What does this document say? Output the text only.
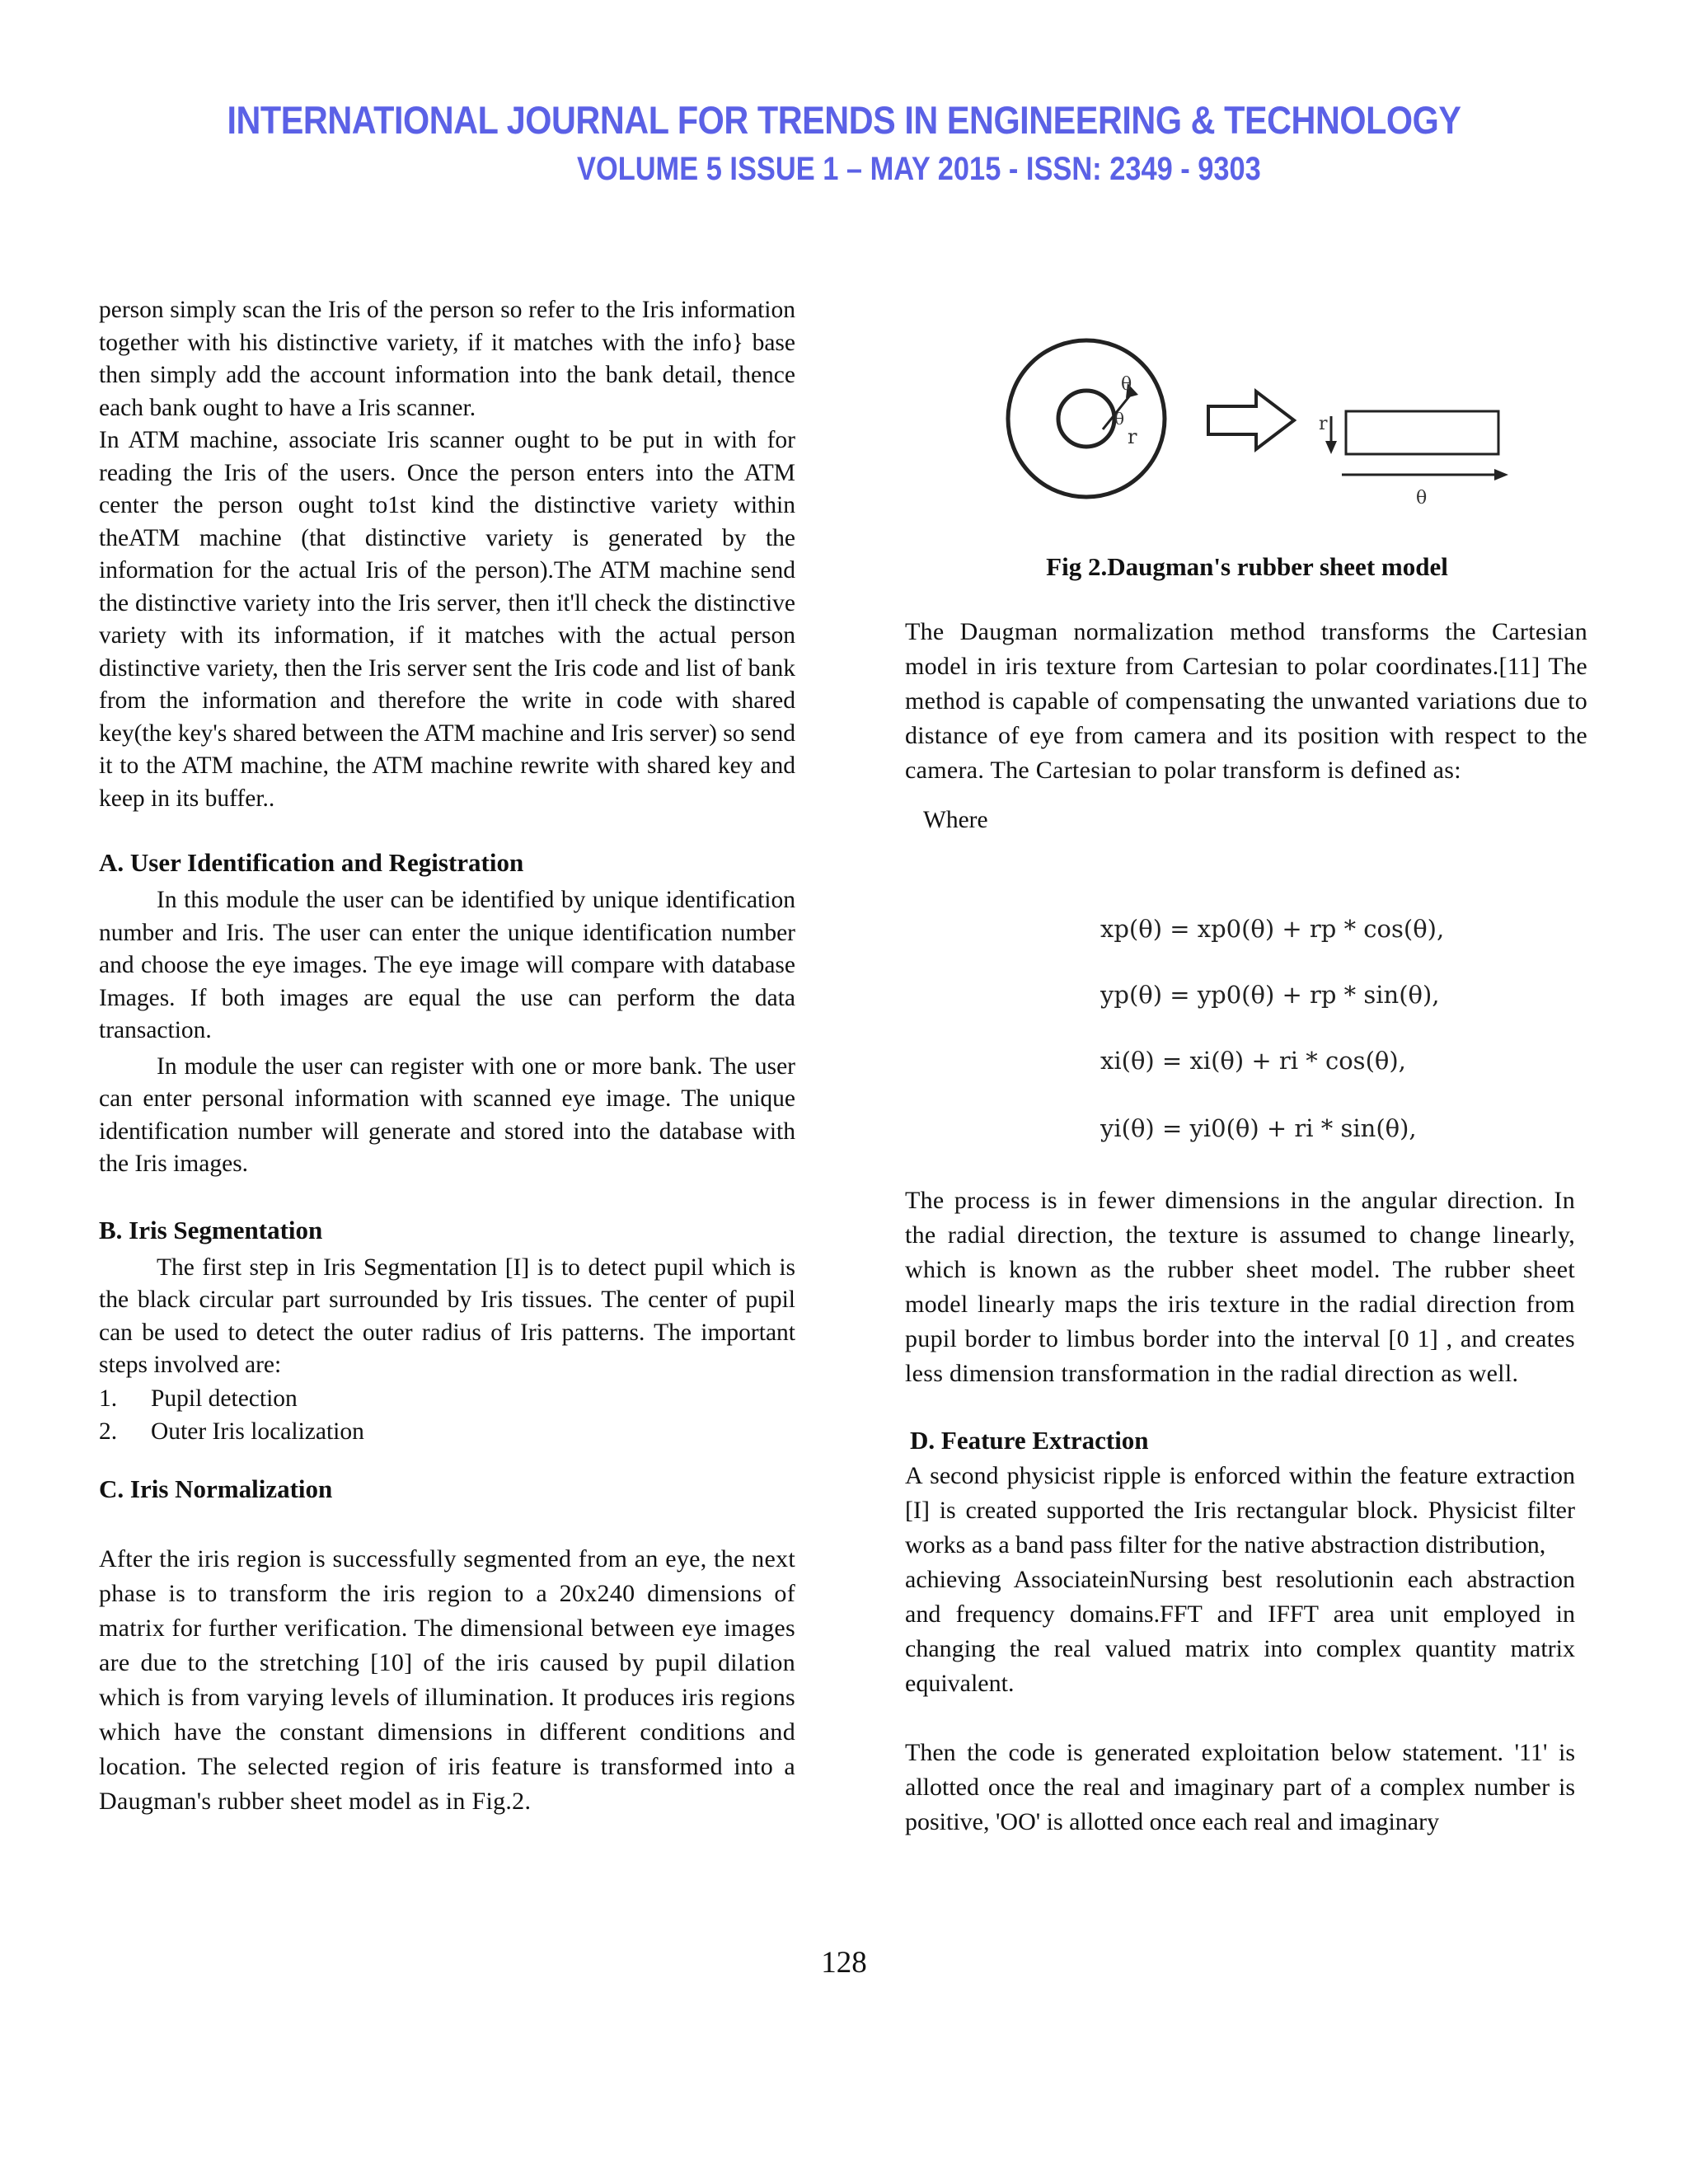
INTERNATIONAL JOURNAL FOR TRENDS IN ENGINEERING & TECHNOLOGY
VOLUME 5 ISSUE 1 – MAY 2015 - ISSN: 2349 - 9303

person simply scan the Iris of the person so refer to the Iris information together with his distinctive variety, if it matches with the info} base then simply add the account information into the bank detail, thence each bank ought to have a Iris scanner.

In ATM machine, associate Iris scanner ought to be put in with for reading the Iris of the users. Once the person enters into the ATM center the person ought to1st kind the distinctive variety within theATM machine (that distinctive variety is generated by the information for the actual Iris of the person).The ATM machine send the distinctive variety into the Iris server, then it'll check the distinctive variety with its information, if it matches with the actual person distinctive variety, then the Iris server sent the Iris code and list of bank from the information and therefore the write in code with shared key(the key's shared between the ATM machine and Iris server) so send it to the ATM machine, the ATM machine rewrite with shared key and keep in its buffer..

A. User Identification and Registration

In this module the user can be identified by unique identification number and Iris. The user can enter the unique identification number and choose the eye images. The eye image will compare with database Images. If both images are equal the use can perform the data transaction.

In module the user can register with one or more bank. The user can enter personal information with scanned eye image. The unique identification number will generate and stored into the database with the Iris images.

B. Iris Segmentation

The first step in Iris Segmentation [I] is to detect pupil which is the black circular part surrounded by Iris tissues. The center of pupil can be used to detect the outer radius of Iris patterns. The important steps involved are:

1. Pupil detection
2. Outer Iris localization

C. Iris Normalization

After the iris region is successfully segmented from an eye, the next phase is to transform the iris region to a 20x240 dimensions of matrix for further verification. The dimensional between eye images are due to the stretching [10] of the iris caused by pupil dilation which is from varying levels of illumination. It produces iris regions which have the constant dimensions in different conditions and location. The selected region of iris feature is transformed into a Daugman's rubber sheet model as in Fig.2.

r
θ
θ	r
θ

Fig 2.Daugman's rubber sheet model

The Daugman normalization method transforms the Cartesian model in iris texture from Cartesian to polar coordinates.[11] The method is capable of compensating the unwanted variations due to distance of eye from camera and its position with respect to the camera. The Cartesian to polar transform is defined as:

Where

xp(θ) = xp0(θ) + rp * cos(θ),
yp(θ) = yp0(θ) + rp * sin(θ),
xi(θ) = xi(θ) + ri * cos(θ),
yi(θ) = yi0(θ) + ri * sin(θ),

The process is in fewer dimensions in the angular direction. In the radial direction, the texture is assumed to change linearly, which is known as the rubber sheet model. The rubber sheet model linearly maps the iris texture in the radial direction from pupil border to limbus border into the interval [0 1] , and creates less dimension transformation in the radial direction as well.

D. Feature Extraction

A second physicist ripple is enforced within the feature extraction [I] is created supported the Iris rectangular block. Physicist filter works as a band pass filter for the native abstraction distribution,

achieving AssociateinNursing best resolutionin each abstraction and frequency domains.FFT and IFFT area unit employed in changing the real valued matrix into complex quantity matrix equivalent.

Then the code is generated exploitation below statement. '11' is allotted once the real and imaginary part of a complex number is positive, 'OO' is allotted once each real and imaginary

128
